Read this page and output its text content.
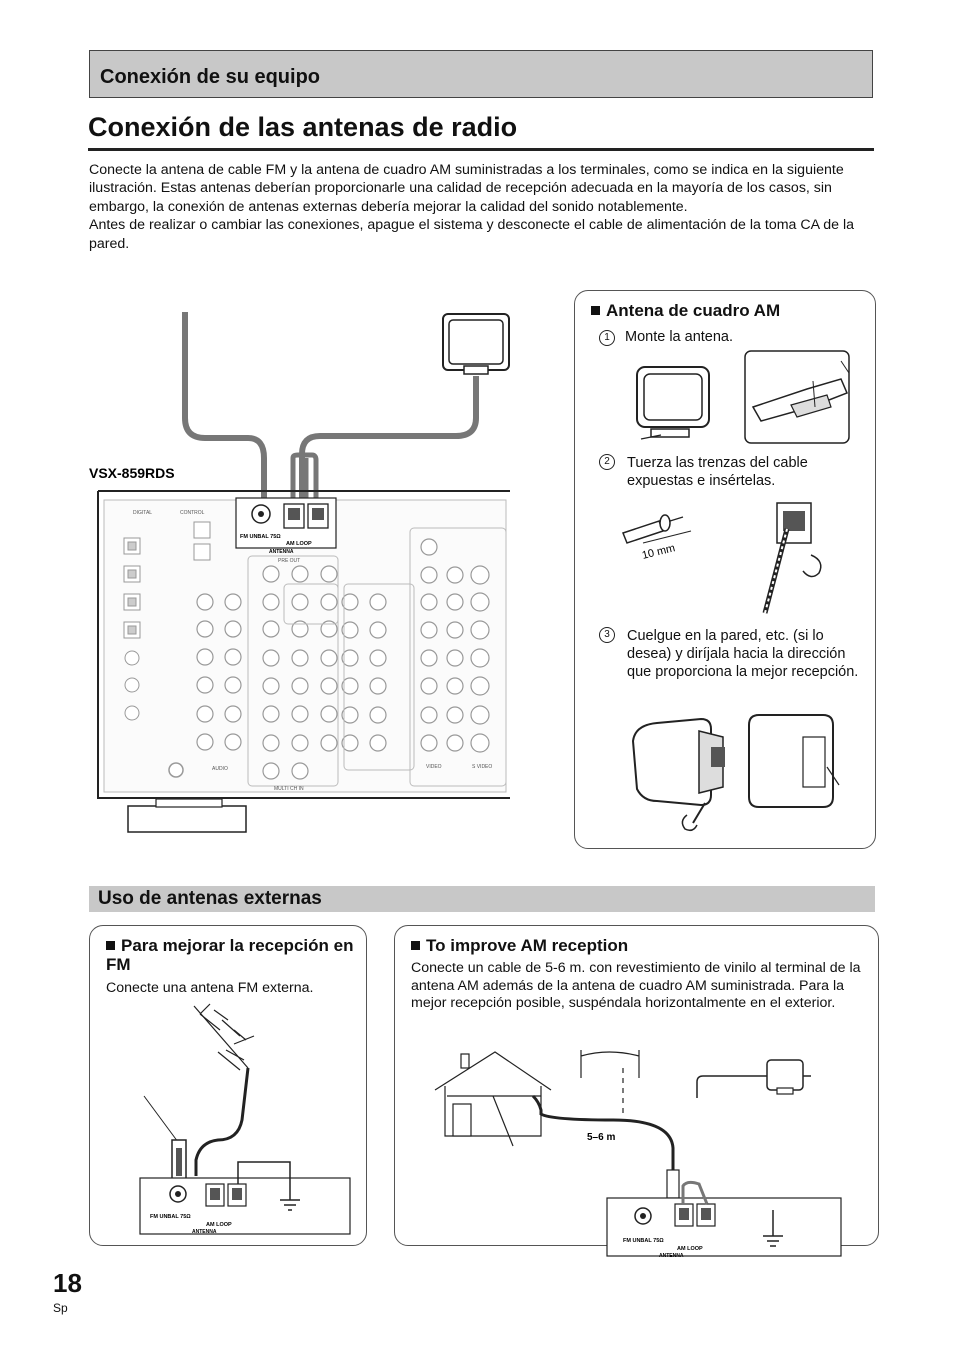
Conexión de su equipo
Conexión de las antenas de radio

Conecte la antena de cable FM y la antena de cuadro AM suministradas a los terminales, como se indica en la siguiente ilustración. Estas antenas deberían proporcionarle una calidad de recepción adecuada en la mayoría de los casos, sin embargo, la conexión de antenas externas debería mejorar la calidad del sonido notablemente.

Antes de realizar o cambiar las conexiones, apague el sistema y desconecte el cable de alimentación de la toma CA de la pared.

FM UNBAL 75Ω
AM LOOP
ANTENNA
DIGITAL	CONTROL
PRE OUT
MULTI CH IN
AUDIO	VIDEO	S VIDEO
VSX-859RDS
Antena de cuadro AM
1 Monte la antena.
2	Tuerza las trenzas del cable expuestas e insértelas.
10 mm
3	Cuelgue en la pared, etc. (si lo desea) y diríjala hacia la dirección que proporciona la mejor recepción.
Uso de antenas externas
Para mejorar la recepción en FM
Conecte una antena FM externa.
FM UNBAL 75Ω
AM LOOP
ANTENNA
To improve AM reception
Conecte un cable de 5-6 m. con revestimiento de vinilo al terminal de la antena AM además de la antena de cuadro AM suministrada. Para la mejor recepción posible, suspéndala horizontalmente en el exterior.
5–6 m
FM UNBAL 75Ω
AM LOOP
ANTENNA
18
Sp
